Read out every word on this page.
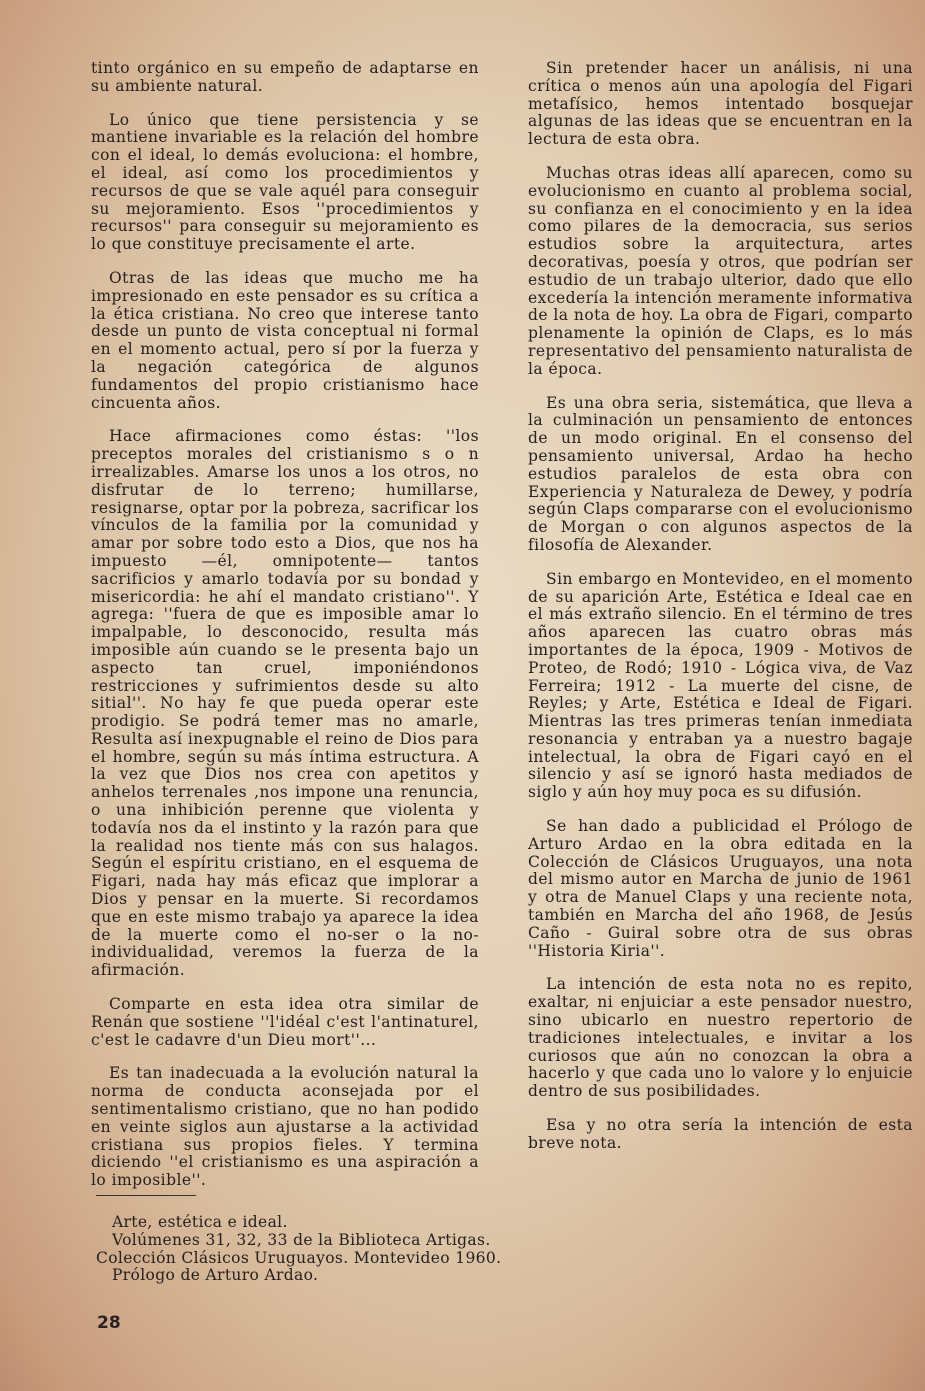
tinto orgánico en su empeño de adaptarse en su ambiente natural.

Lo único que tiene persistencia y se mantiene invariable es la relación del hombre con el ideal, lo demás evoluciona: el hombre, el ideal, así como los procedimientos y recursos de que se vale aquél para conseguir su mejoramiento. Esos ''procedimientos y recursos'' para conseguir su mejoramiento es lo que constituye precisamente el arte.

Otras de las ideas que mucho me ha impresionado en este pensador es su crítica a la ética cristiana. No creo que interese tanto desde un punto de vista conceptual ni formal en el momento actual, pero sí por la fuerza y la negación categórica de algunos fundamentos del propio cristianismo hace cincuenta años.

Hace afirmaciones como éstas: ''los preceptos morales del cristianismo s o n irrealizables. Amarse los unos a los otros, no disfrutar de lo terreno; humillarse, resignarse, optar por la pobreza, sacrificar los vínculos de la familia por la comunidad y amar por sobre todo esto a Dios, que nos ha impuesto —él, omnipotente— tantos sacrificios y amarlo todavía por su bondad y misericordia: he ahí el mandato cristiano''. Y agrega: ''fuera de que es imposible amar lo impalpable, lo desconocido, resulta más imposible aún cuando se le presenta bajo un aspecto tan cruel, imponiéndonos restricciones y sufrimientos desde su alto sitial''. No hay fe que pueda operar este prodigio. Se podrá temer mas no amarle, Resulta así inexpugnable el reino de Dios para el hombre, según su más íntima estructura. A la vez que Dios nos crea con apetitos y anhelos terrenales ,nos impone una renuncia, o una inhibición perenne que violenta y todavía nos da el instinto y la razón para que la realidad nos tiente más con sus halagos. Según el espíritu cristiano, en el esquema de Figari, nada hay más eficaz que implorar a Dios y pensar en la muerte. Si recordamos que en este mismo trabajo ya aparece la idea de la muerte como el no-ser o la no-individualidad, veremos la fuerza de la afirmación.

Comparte en esta idea otra similar de Renán que sostiene ''l'idéal c'est l'antinaturel, c'est le cadavre d'un Dieu mort''...

Es tan inadecuada a la evolución natural la norma de conducta aconsejada por el sentimentalismo cristiano, que no han podido en veinte siglos aun ajustarse a la actividad cristiana sus propios fieles. Y termina diciendo ''el cristianismo es una aspiración a lo imposible''.

Sin pretender hacer un análisis, ni una crítica o menos aún una apología del Figari metafísico, hemos intentado bosquejar algunas de las ideas que se encuentran en la lectura de esta obra.

Muchas otras ideas allí aparecen, como su evolucionismo en cuanto al problema social, su confianza en el conocimiento y en la idea como pilares de la democracia, sus serios estudios sobre la arquitectura, artes decorativas, poesía y otros, que podrían ser estudio de un trabajo ulterior, dado que ello excedería la intención meramente informativa de la nota de hoy. La obra de Figari, comparto plenamente la opinión de Claps, es lo más representativo del pensamiento naturalista de la época.

Es una obra seria, sistemática, que lleva a la culminación un pensamiento de entonces de un modo original. En el consenso del pensamiento universal, Ardao ha hecho estudios paralelos de esta obra con Experiencia y Naturaleza de Dewey, y podría según Claps compararse con el evolucionismo de Morgan o con algunos aspectos de la filosofía de Alexander.

Sin embargo en Montevideo, en el momento de su aparición Arte, Estética e Ideal cae en el más extraño silencio. En el término de tres años aparecen las cuatro obras más importantes de la época, 1909 - Motivos de Proteo, de Rodó; 1910 - Lógica viva, de Vaz Ferreira; 1912 - La muerte del cisne, de Reyles; y Arte, Estética e Ideal de Figari. Mientras las tres primeras tenían inmediata resonancia y entraban ya a nuestro bagaje intelectual, la obra de Figari cayó en el silencio y así se ignoró hasta mediados de siglo y aún hoy muy poca es su difusión.

Se han dado a publicidad el Prólogo de Arturo Ardao en la obra editada en la Colección de Clásicos Uruguayos, una nota del mismo autor en Marcha de junio de 1961 y otra de Manuel Claps y una reciente nota, también en Marcha del año 1968, de Jesús Caño - Guiral sobre otra de sus obras ''Historia Kiria''.

La intención de esta nota no es repito, exaltar, ni enjuiciar a este pensador nuestro, sino ubicarlo en nuestro repertorio de tradiciones intelectuales, e invitar a los curiosos que aún no conozcan la obra a hacerlo y que cada uno lo valore y lo enjuicie dentro de sus posibilidades.

Esa y no otra sería la intención de esta breve nota.

Arte, estética e ideal.
Volúmenes 31, 32, 33 de la Biblioteca Artigas.
Colección Clásicos Uruguayos. Montevideo 1960.
Prólogo de Arturo Ardao.
28
